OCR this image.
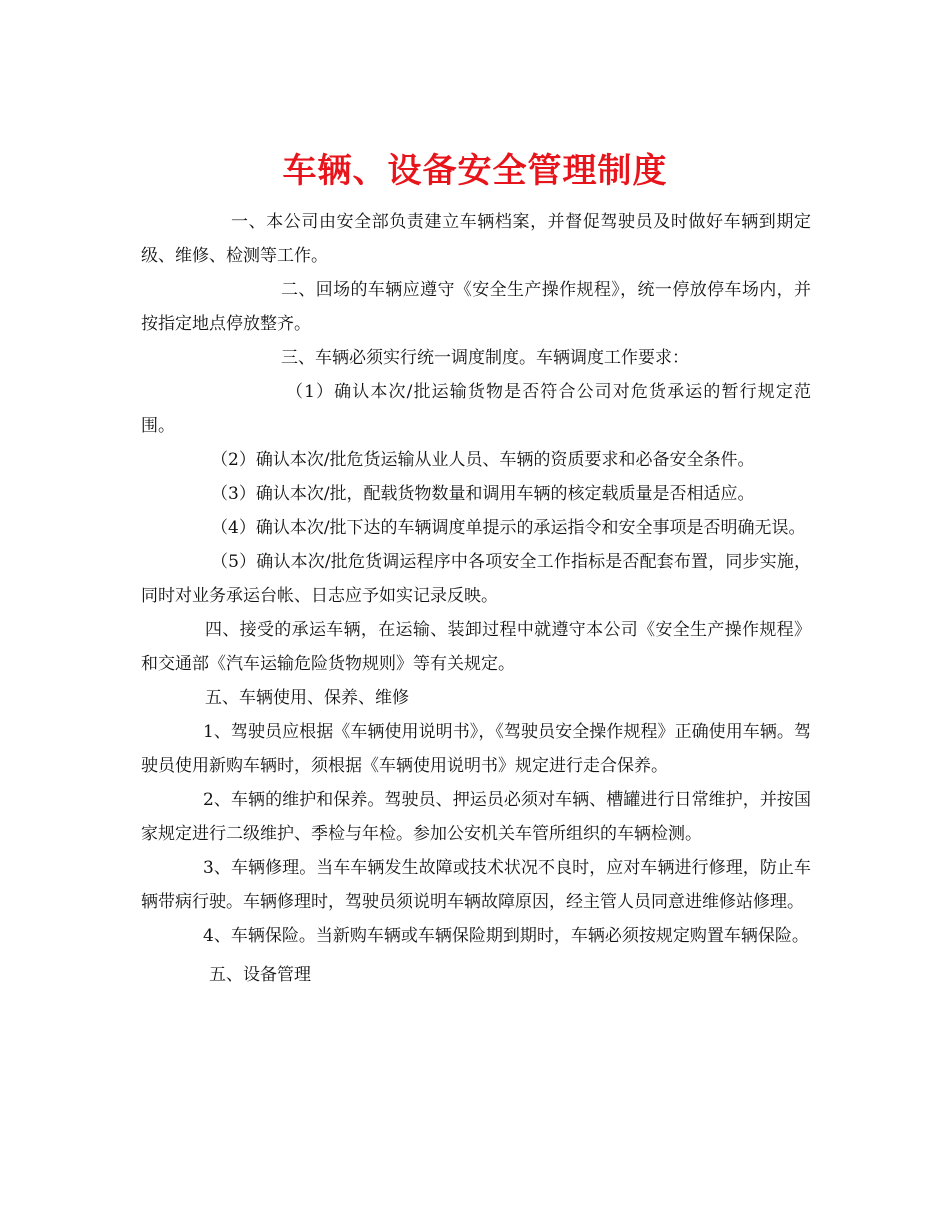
车辆、设备安全管理制度

一、本公司由安全部负责建立车辆档案，并督促驾驶员及时做好车辆到期定级、维修、检测等工作。

二、回场的车辆应遵守《安全生产操作规程》，统一停放停车场内，并按指定地点停放整齐。

三、车辆必须实行统一调度制度。车辆调度工作要求：

（1）确认本次/批运输货物是否符合公司对危货承运的暂行规定范围。

（2）确认本次/批危货运输从业人员、车辆的资质要求和必备安全条件。

（3）确认本次/批，配载货物数量和调用车辆的核定载质量是否相适应。

（4）确认本次/批下达的车辆调度单提示的承运指令和安全事项是否明确无误。

（5）确认本次/批危货调运程序中各项安全工作指标是否配套布置，同步实施，同时对业务承运台帐、日志应予如实记录反映。

四、接受的承运车辆，在运输、装卸过程中就遵守本公司《安全生产操作规程》和交通部《汽车运输危险货物规则》等有关规定。

五、车辆使用、保养、维修

1、驾驶员应根据《车辆使用说明书》，《驾驶员安全操作规程》正确使用车辆。驾驶员使用新购车辆时，须根据《车辆使用说明书》规定进行走合保养。

2、车辆的维护和保养。驾驶员、押运员必须对车辆、槽罐进行日常维护，并按国家规定进行二级维护、季检与年检。参加公安机关车管所组织的车辆检测。

3、车辆修理。当车车辆发生故障或技术状况不良时，应对车辆进行修理，防止车辆带病行驶。车辆修理时，驾驶员须说明车辆故障原因，经主管人员同意进维修站修理。

4、车辆保险。当新购车辆或车辆保险期到期时，车辆必须按规定购置车辆保险。

五、设备管理
